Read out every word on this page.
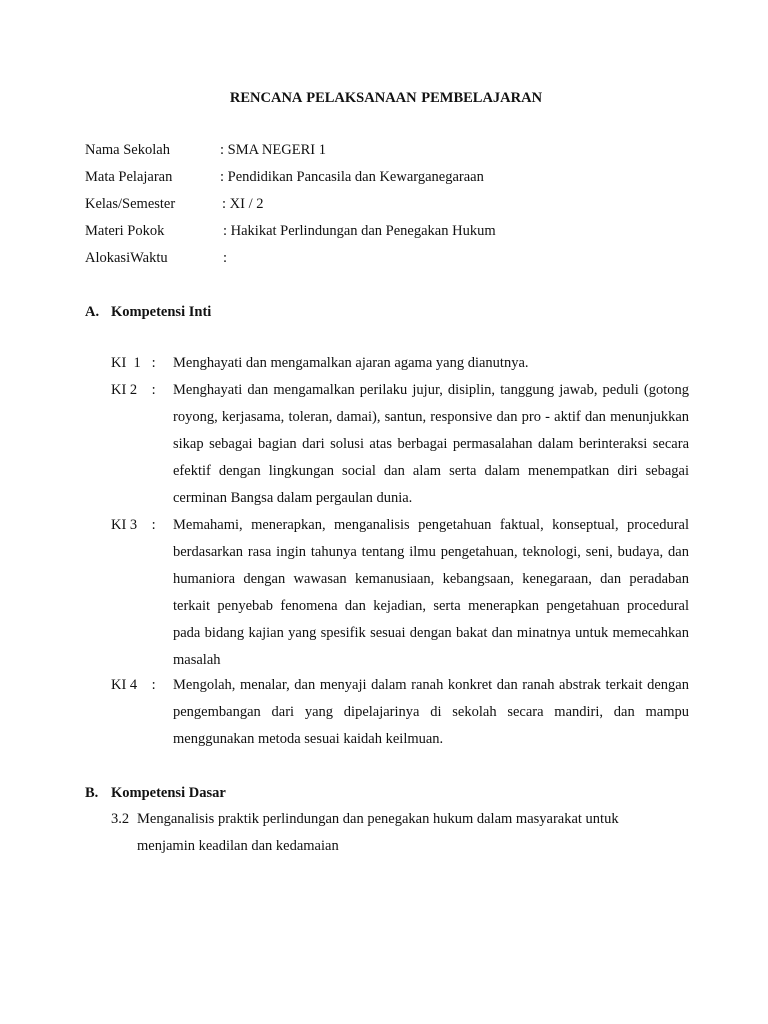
RENCANA PELAKSANAAN PEMBELAJARAN
Nama Sekolah	: SMA NEGERI 1
Mata Pelajaran	: Pendidikan Pancasila dan Kewarganegaraan
Kelas/Semester	: XI / 2
Materi Pokok	: Hakikat Perlindungan dan Penegakan Hukum
AlokasiWaktu	:
A. Kompetensi Inti
KI  1   : Menghayati dan mengamalkan ajaran agama yang dianutnya.
KI 2    : Menghayati dan mengamalkan perilaku jujur, disiplin, tanggung jawab, peduli (gotong royong, kerjasama, toleran, damai), santun, responsive dan pro - aktif dan menunjukkan sikap sebagai bagian dari solusi atas berbagai permasalahan dalam berinteraksi secara efektif dengan lingkungan social dan alam serta dalam menempatkan diri sebagai cerminan Bangsa dalam pergaulan dunia.
KI 3    : Memahami, menerapkan, menganalisis pengetahuan faktual, konseptual, procedural berdasarkan rasa ingin tahunya tentang ilmu pengetahuan, teknologi, seni, budaya, dan humaniora dengan wawasan kemanusiaan, kebangsaan, kenegaraan, dan peradaban terkait penyebab fenomena dan kejadian, serta menerapkan pengetahuan procedural pada bidang kajian yang spesifik sesuai dengan bakat dan minatnya untuk memecahkan masalah
KI 4    : Mengolah, menalar, dan menyaji dalam ranah konkret dan ranah abstrak terkait dengan pengembangan dari yang dipelajarinya di sekolah secara mandiri, dan mampu menggunakan metoda sesuai kaidah keilmuan.
B. Kompetensi Dasar
3.2 Menganalisis praktik perlindungan dan penegakan hukum dalam masyarakat untuk menjamin keadilan dan kedamaian
